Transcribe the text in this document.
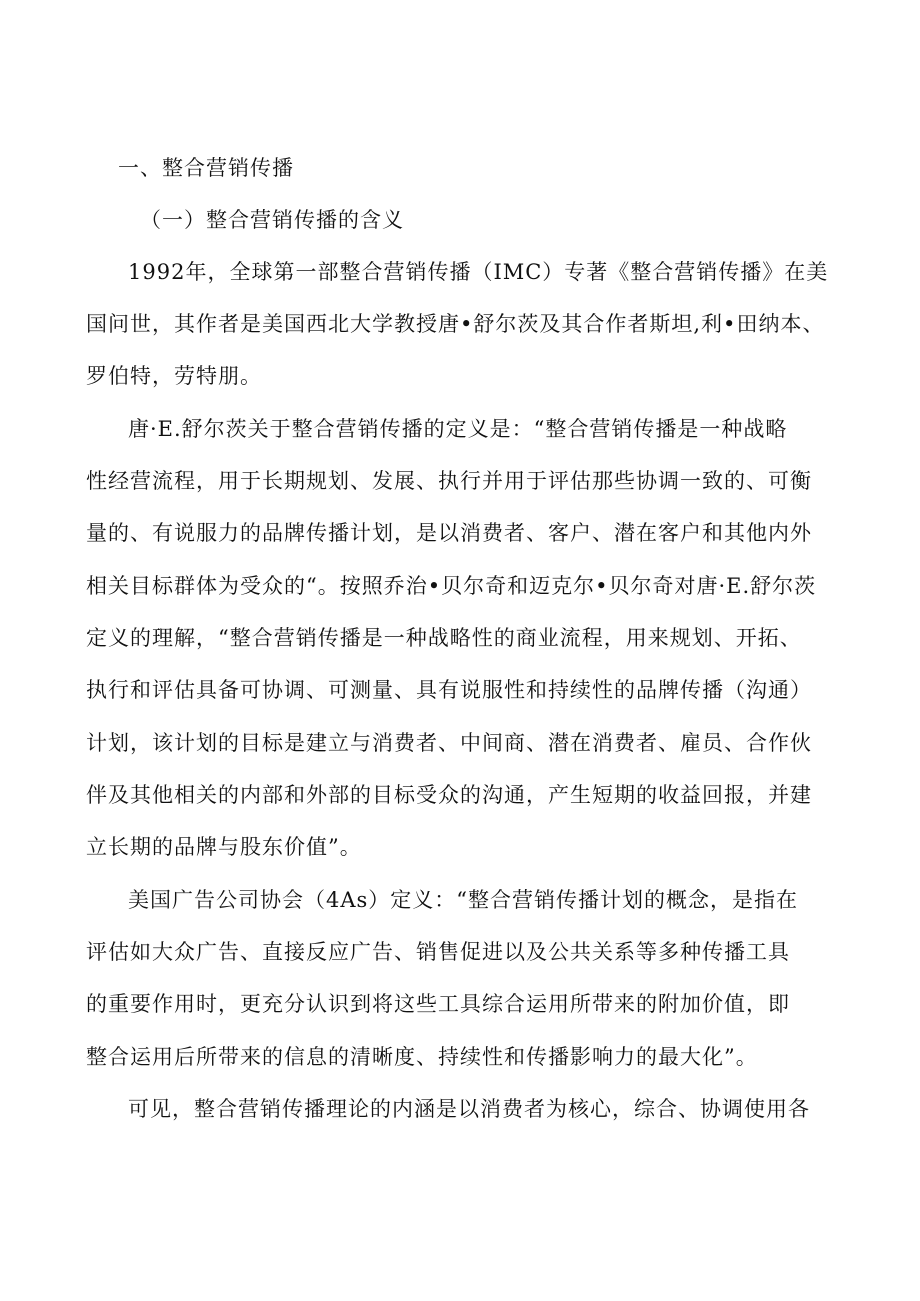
一、整合营销传播
（一）整合营销传播的含义
1992年，全球第一部整合营销传播（IMC）专著《整合营销传播》在美
国问世，其作者是美国西北大学教授唐•舒尔茨及其合作者斯坦,利•田纳本、
罗伯特，劳特朋。
唐·E.舒尔茨关于整合营销传播的定义是：“整合营销传播是一种战略
性经营流程，用于长期规划、发展、执行并用于评估那些协调一致的、可衡
量的、有说服力的品牌传播计划，是以消费者、客户、潜在客户和其他内外
相关目标群体为受众的“。按照乔治•贝尔奇和迈克尔•贝尔奇对唐·E.舒尔茨
定义的理解，“整合营销传播是一种战略性的商业流程，用来规划、开拓、
执行和评估具备可协调、可测量、具有说服性和持续性的品牌传播（沟通）
计划，该计划的目标是建立与消费者、中间商、潜在消费者、雇员、合作伙
伴及其他相关的内部和外部的目标受众的沟通，产生短期的收益回报，并建
立长期的品牌与股东价值”。
美国广告公司协会（4As）定义：“整合营销传播计划的概念，是指在
评估如大众广告、直接反应广告、销售促进以及公共关系等多种传播工具
的重要作用时，更充分认识到将这些工具综合运用所带来的附加价值，即
整合运用后所带来的信息的清晰度、持续性和传播影响力的最大化”。
可见，整合营销传播理论的内涵是以消费者为核心，综合、协调使用各
